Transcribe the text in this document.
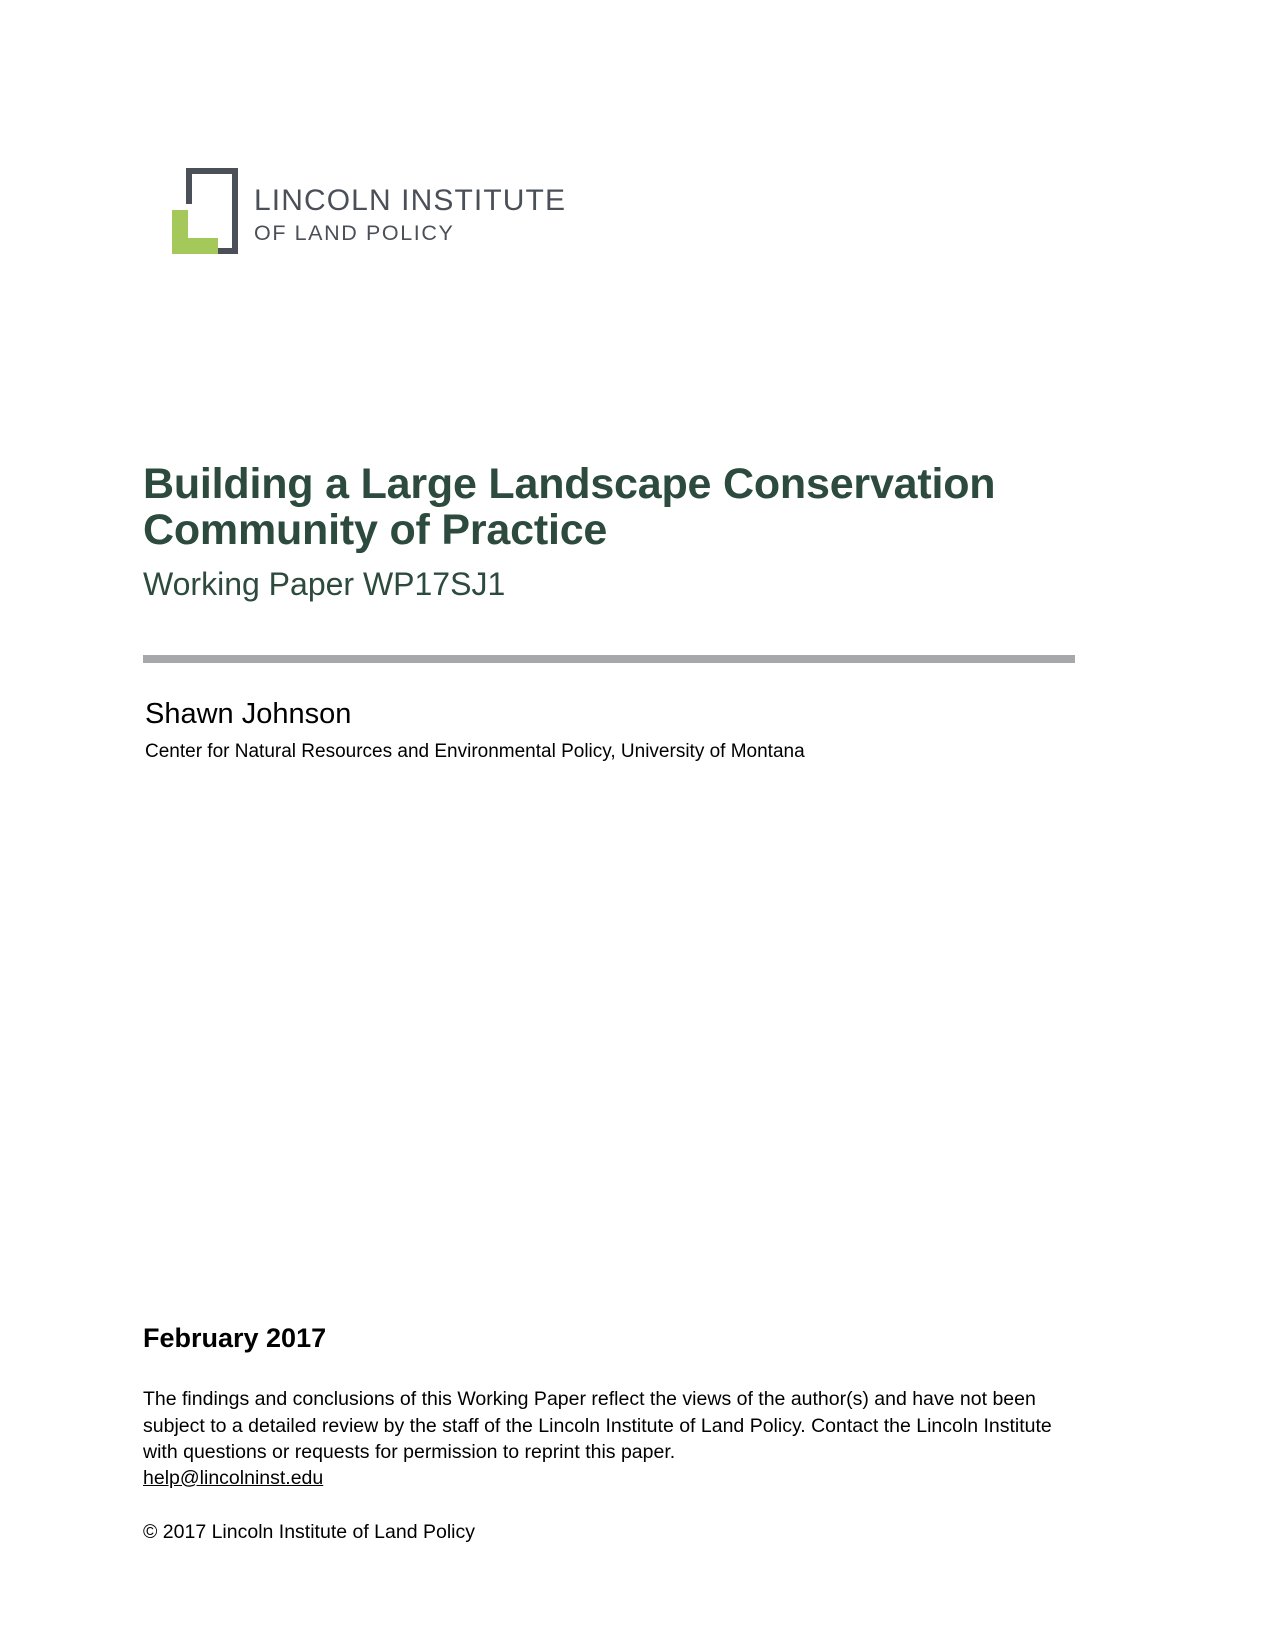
LINCOLN INSTITUTE
OF LAND POLICY
Building a Large Landscape Conservation Community of Practice
Working Paper WP17SJ1
Shawn Johnson
Center for Natural Resources and Environmental Policy, University of Montana
February 2017

The findings and conclusions of this Working Paper reflect the views of the author(s) and have not been subject to a detailed review by the staff of the Lincoln Institute of Land Policy. Contact the Lincoln Institute with questions or requests for permission to reprint this paper.

help@lincolninst.edu
© 2017 Lincoln Institute of Land Policy
